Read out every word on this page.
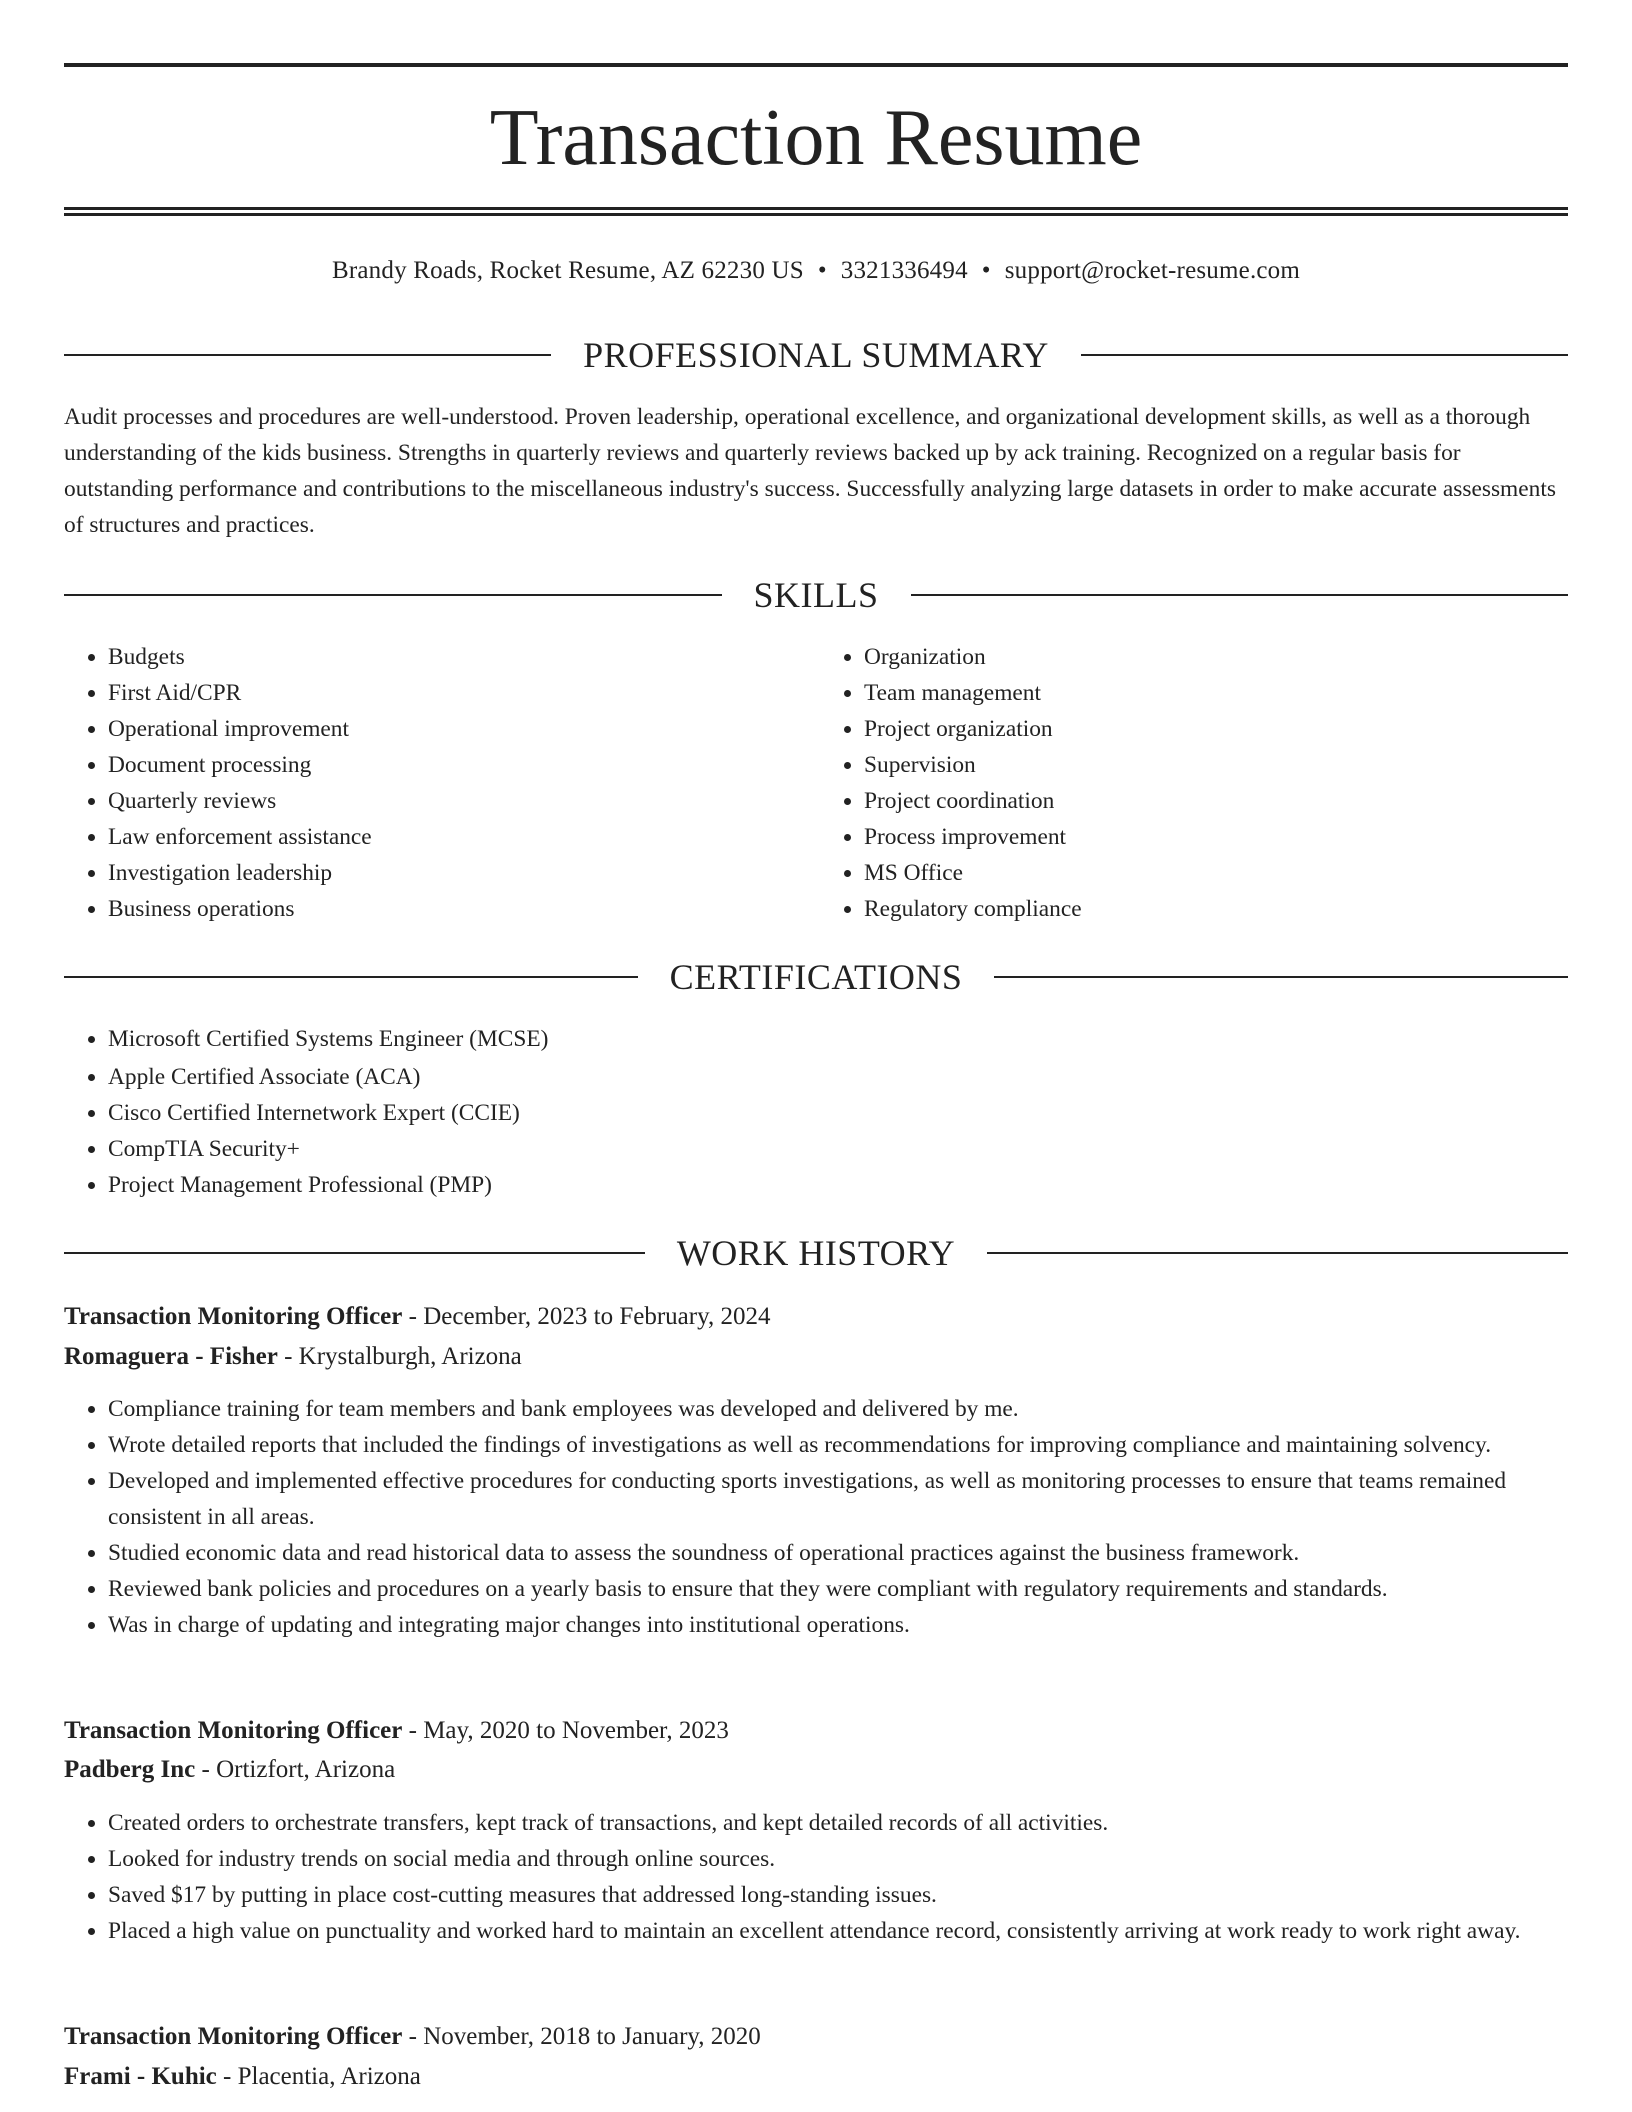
Transaction Resume
Brandy Roads, Rocket Resume, AZ 62230 US • 3321336494 • support@rocket-resume.com
PROFESSIONAL SUMMARY

Audit processes and procedures are well-understood. Proven leadership, operational excellence, and organizational development skills, as well as a thorough understanding of the kids business. Strengths in quarterly reviews and quarterly reviews backed up by ack training. Recognized on a regular basis for outstanding performance and contributions to the miscellaneous industry's success. Successfully analyzing large datasets in order to make accurate assessments of structures and practices.

SKILLS
• Budgets
• First Aid/CPR
• Operational improvement
• Document processing
• Quarterly reviews
• Law enforcement assistance
• Investigation leadership
• Business operations
• Organization
• Team management
• Project organization
• Supervision
• Project coordination
• Process improvement
• MS Office
• Regulatory compliance
CERTIFICATIONS
• Microsoft Certified Systems Engineer (MCSE)
• Apple Certified Associate (ACA)
• Cisco Certified Internetwork Expert (CCIE)
• CompTIA Security+
• Project Management Professional (PMP)
WORK HISTORY
Transaction Monitoring Officer - December, 2023 to February, 2024
Romaguera - Fisher - Krystalburgh, Arizona
• Compliance training for team members and bank employees was developed and delivered by me.
• Wrote detailed reports that included the findings of investigations as well as recommendations for improving compliance and maintaining solvency.
• Developed and implemented effective procedures for conducting sports investigations, as well as monitoring processes to ensure that teams remained consistent in all areas.
• Studied economic data and read historical data to assess the soundness of operational practices against the business framework.
• Reviewed bank policies and procedures on a yearly basis to ensure that they were compliant with regulatory requirements and standards.
• Was in charge of updating and integrating major changes into institutional operations.
Transaction Monitoring Officer - May, 2020 to November, 2023
Padberg Inc - Ortizfort, Arizona
• Created orders to orchestrate transfers, kept track of transactions, and kept detailed records of all activities.
• Looked for industry trends on social media and through online sources.
• Saved $17 by putting in place cost-cutting measures that addressed long-standing issues.
• Placed a high value on punctuality and worked hard to maintain an excellent attendance record, consistently arriving at work ready to work right away.
Transaction Monitoring Officer - November, 2018 to January, 2020
Frami - Kuhic - Placentia, Arizona
